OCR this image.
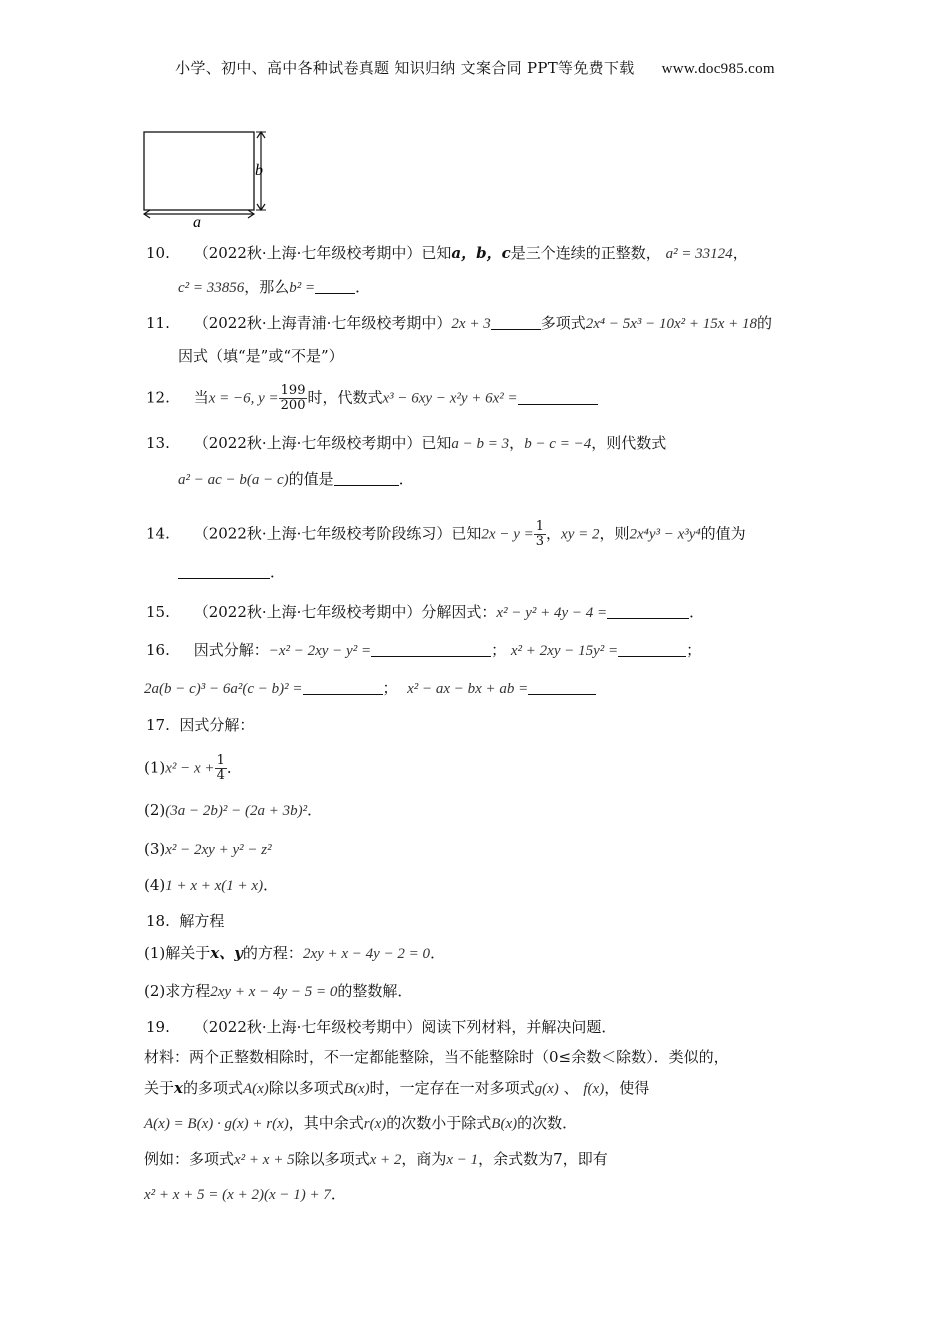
小学、初中、高中各种试卷真题 知识归纳 文案合同 PPT等免费下载 www.doc985.com
b
a
10. （2022秋·上海·七年级校考期中）已知a，b，c是三个连续的正整数， a² = 33124，
c² = 33856，那么b² =	．
11. （2022秋·上海青浦·七年级校考期中）2x + 3	多项式2x⁴ − 5x³ − 10x² + 15x + 18的
因式（填“是”或“不是”）
12. 当x = −6, $y = \frac{199}{200}$ 时，代数式x³ − 6xy − x²y + 6x² =
13. （2022秋·上海·七年级校考期中）已知a − b = 3，b − c = −4，则代数式
a² − ac − b(a − c)的值是	．
14. （2022秋·上海·七年级校考阶段练习）已知$2x - y = \frac{1}{3}$ ，xy = 2，则2x⁴y³ − x³y⁴的值为
．
15. （2022秋·上海·七年级校考期中）分解因式：x² − y² + 4y − 4 =	．
16. 因式分解：−x² − 2xy − y² =	； x² + 2xy − 15y² =	；
2a(b − c)³ − 6a²(c − b)² =	； x² − ax − bx + ab =
17. 因式分解：
$(1)x^2 - x + \frac{1}{4}$ ．
(2)(3a − 2b)² − (2a + 3b)²．
(3)x² − 2xy + y² − z²
(4)1 + x + x(1 + x)．
18. 解方程
(1)解关于x、y的方程：2xy + x − 4y − 2 = 0．
(2)求方程2xy + x − 4y − 5 = 0的整数解．
19. （2022秋·上海·七年级校考期中）阅读下列材料，并解决问题．
材料：两个正整数相除时，不一定都能整除，当不能整除时（0≤余数＜除数）．类似的，
关于x的多项式A(x)除以多项式B(x)时，一定存在一对多项式g(x) 、 f(x)，使得
A(x) = B(x) · g(x) + r(x)，其中余式r(x)的次数小于除式B(x)的次数．
例如：多项式x² + x + 5除以多项式x + 2，商为x − 1，余式数为7，即有
x² + x + 5 = (x + 2)(x − 1) + 7．
